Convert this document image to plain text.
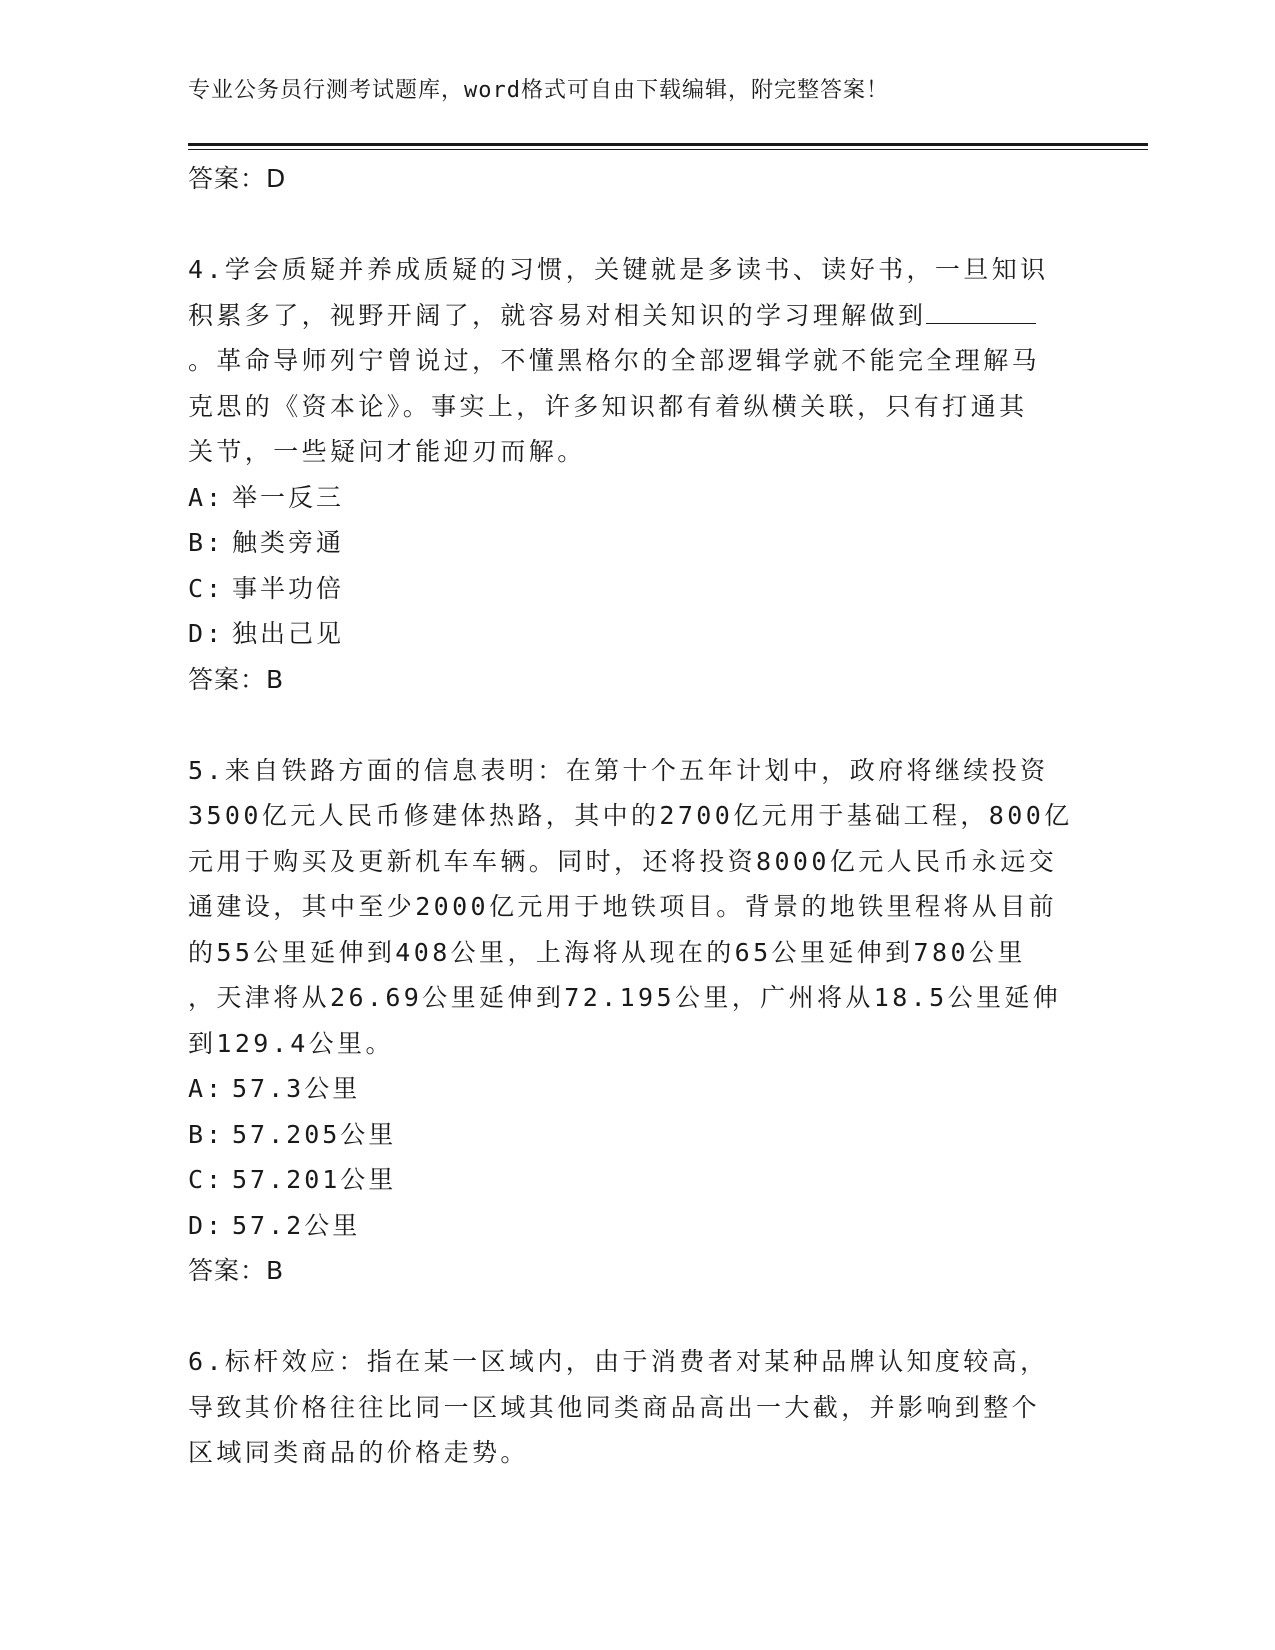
专业公务员行测考试题库，word格式可自由下载编辑，附完整答案！
答案：D
4.学会质疑并养成质疑的习惯，关键就是多读书、读好书，一旦知识
积累多了，视野开阔了，就容易对相关知识的学习理解做到
。革命导师列宁曾说过，不懂黑格尔的全部逻辑学就不能完全理解马
克思的《资本论》。事实上，许多知识都有着纵横关联，只有打通其
关节，一些疑问才能迎刃而解。
A: 举一反三
B: 触类旁通
C: 事半功倍
D: 独出己见
答案：B
5.来自铁路方面的信息表明：在第十个五年计划中，政府将继续投资
3500亿元人民币修建体热路，其中的2700亿元用于基础工程，800亿
元用于购买及更新机车车辆。同时，还将投资8000亿元人民币永远交
通建设，其中至少2000亿元用于地铁项目。背景的地铁里程将从目前
的55公里延伸到408公里，上海将从现在的65公里延伸到780公里
，天津将从26.69公里延伸到72.195公里，广州将从18.5公里延伸
到129.4公里。
A: 57.3公里
B: 57.205公里
C: 57.201公里
D: 57.2公里
答案：B
6.标杆效应：指在某一区域内，由于消费者对某种品牌认知度较高，
导致其价格往往比同一区域其他同类商品高出一大截，并影响到整个
区域同类商品的价格走势。
